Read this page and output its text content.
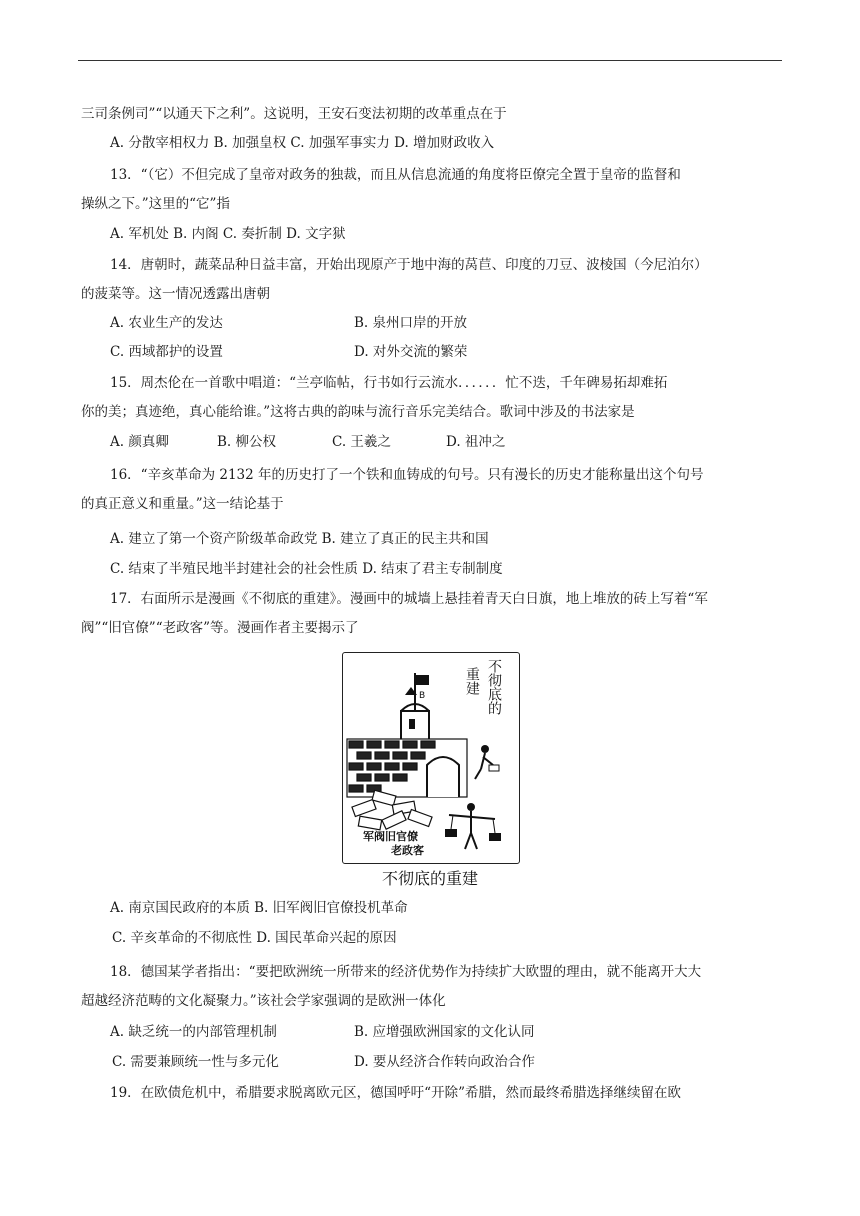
三司条例司”“以通天下之利”。这说明，王安石变法初期的改革重点在于
A. 分散宰相权力 B. 加强皇权 C. 加强军事实力 D. 增加财政收入
13．“（它）不但完成了皇帝对政务的独裁，而且从信息流通的角度将臣僚完全置于皇帝的监督和
操纵之下。”这里的“它”指
A. 军机处 B. 内阁 C. 奏折制 D. 文字狱
14．唐朝时，蔬菜品种日益丰富，开始出现原产于地中海的莴苣、印度的刀豆、波棱国（今尼泊尔）
的菠菜等。这一情况透露出唐朝
A. 农业生产的发达	B. 泉州口岸的开放
C. 西域都护的设置	D. 对外交流的繁荣
15．周杰伦在一首歌中唱道：“兰亭临帖，行书如行云流水．．．．．．忙不迭，千年碑易拓却难拓
你的美；真迹绝，真心能给谁。”这将古典的韵味与流行音乐完美结合。歌词中涉及的书法家是
A. 颜真卿	B. 柳公权	C. 王羲之	D. 祖冲之
16．“辛亥革命为 2132 年的历史打了一个铁和血铸成的句号。只有漫长的历史才能称量出这个句号
的真正意义和重量。”这一结论基于
A. 建立了第一个资产阶级革命政党 B. 建立了真正的民主共和国
C. 结束了半殖民地半封建社会的社会性质 D. 结束了君主专制制度
17．右面所示是漫画《不彻底的重建》。漫画中的城墙上悬挂着青天白日旗，地上堆放的砖上写着“军
阀”“旧官僚”“老政客”等。漫画作者主要揭示了
B	不彻底的
重建
军阀旧官僚
老政客
不彻底的重建
A. 南京国民政府的本质 B. 旧军阀旧官僚投机革命
C. 辛亥革命的不彻底性 D. 国民革命兴起的原因
18．德国某学者指出：“要把欧洲统一所带来的经济优势作为持续扩大欧盟的理由，就不能离开大大
超越经济范畴的文化凝聚力。”该社会学家强调的是欧洲一体化
A. 缺乏统一的内部管理机制	B. 应增强欧洲国家的文化认同
C. 需要兼顾统一性与多元化	D. 要从经济合作转向政治合作
19．在欧债危机中，希腊要求脱离欧元区，德国呼吁“开除”希腊，然而最终希腊选择继续留在欧
